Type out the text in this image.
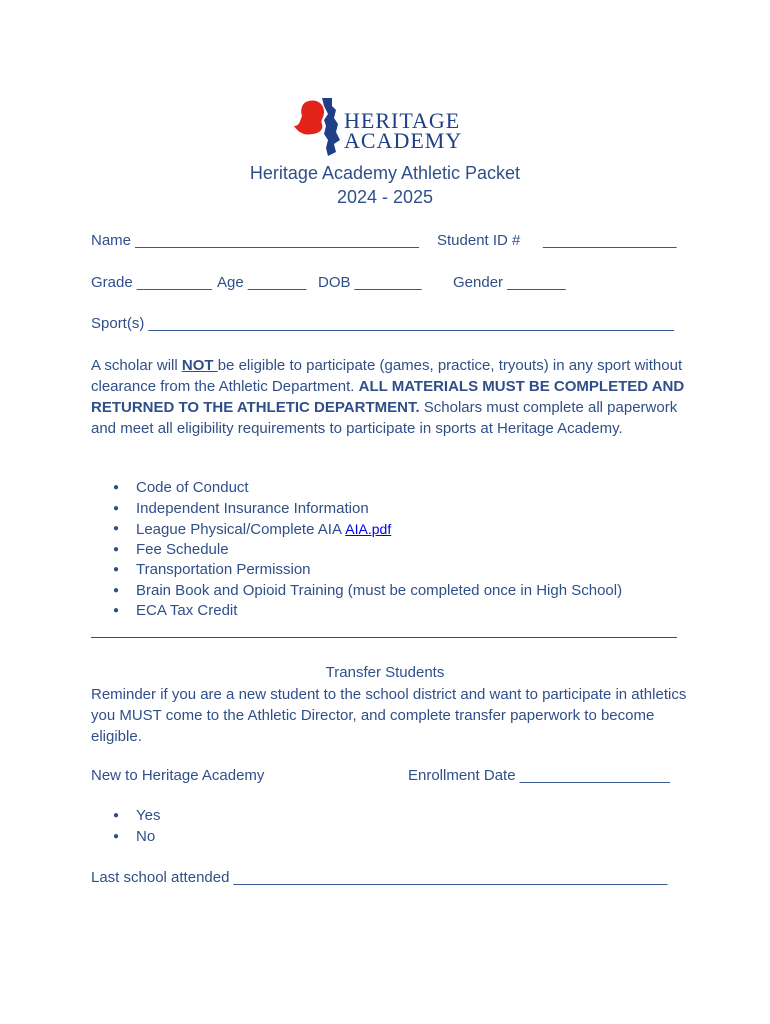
HERITAGE
ACADEMY
Heritage Academy Athletic Packet
2024 - 2025
Name __________________________________ Student ID # ________________
Grade _________ Age _______ DOB ________ Gender _______
Sport(s) _______________________________________________________________
A scholar will NOT be eligible to participate (games, practice, tryouts) in any sport without clearance from the Athletic Department. ALL MATERIALS MUST BE COMPLETED AND RETURNED TO THE ATHLETIC DEPARTMENT. Scholars must complete all paperwork and meet all eligibility requirements to participate in sports at Heritage Academy.
● Code of Conduct
● Independent Insurance Information
● League Physical/Complete AIA AIA.pdf
● Fee Schedule
● Transportation Permission
● Brain Book and Opioid Training (must be completed once in High School)
● ECA Tax Credit
Transfer Students
Reminder if you are a new student to the school district and want to participate in athletics you MUST come to the Athletic Director, and complete transfer paperwork to become eligible.
New to Heritage Academy	Enrollment Date __________________
● Yes
● No
Last school attended ____________________________________________________
